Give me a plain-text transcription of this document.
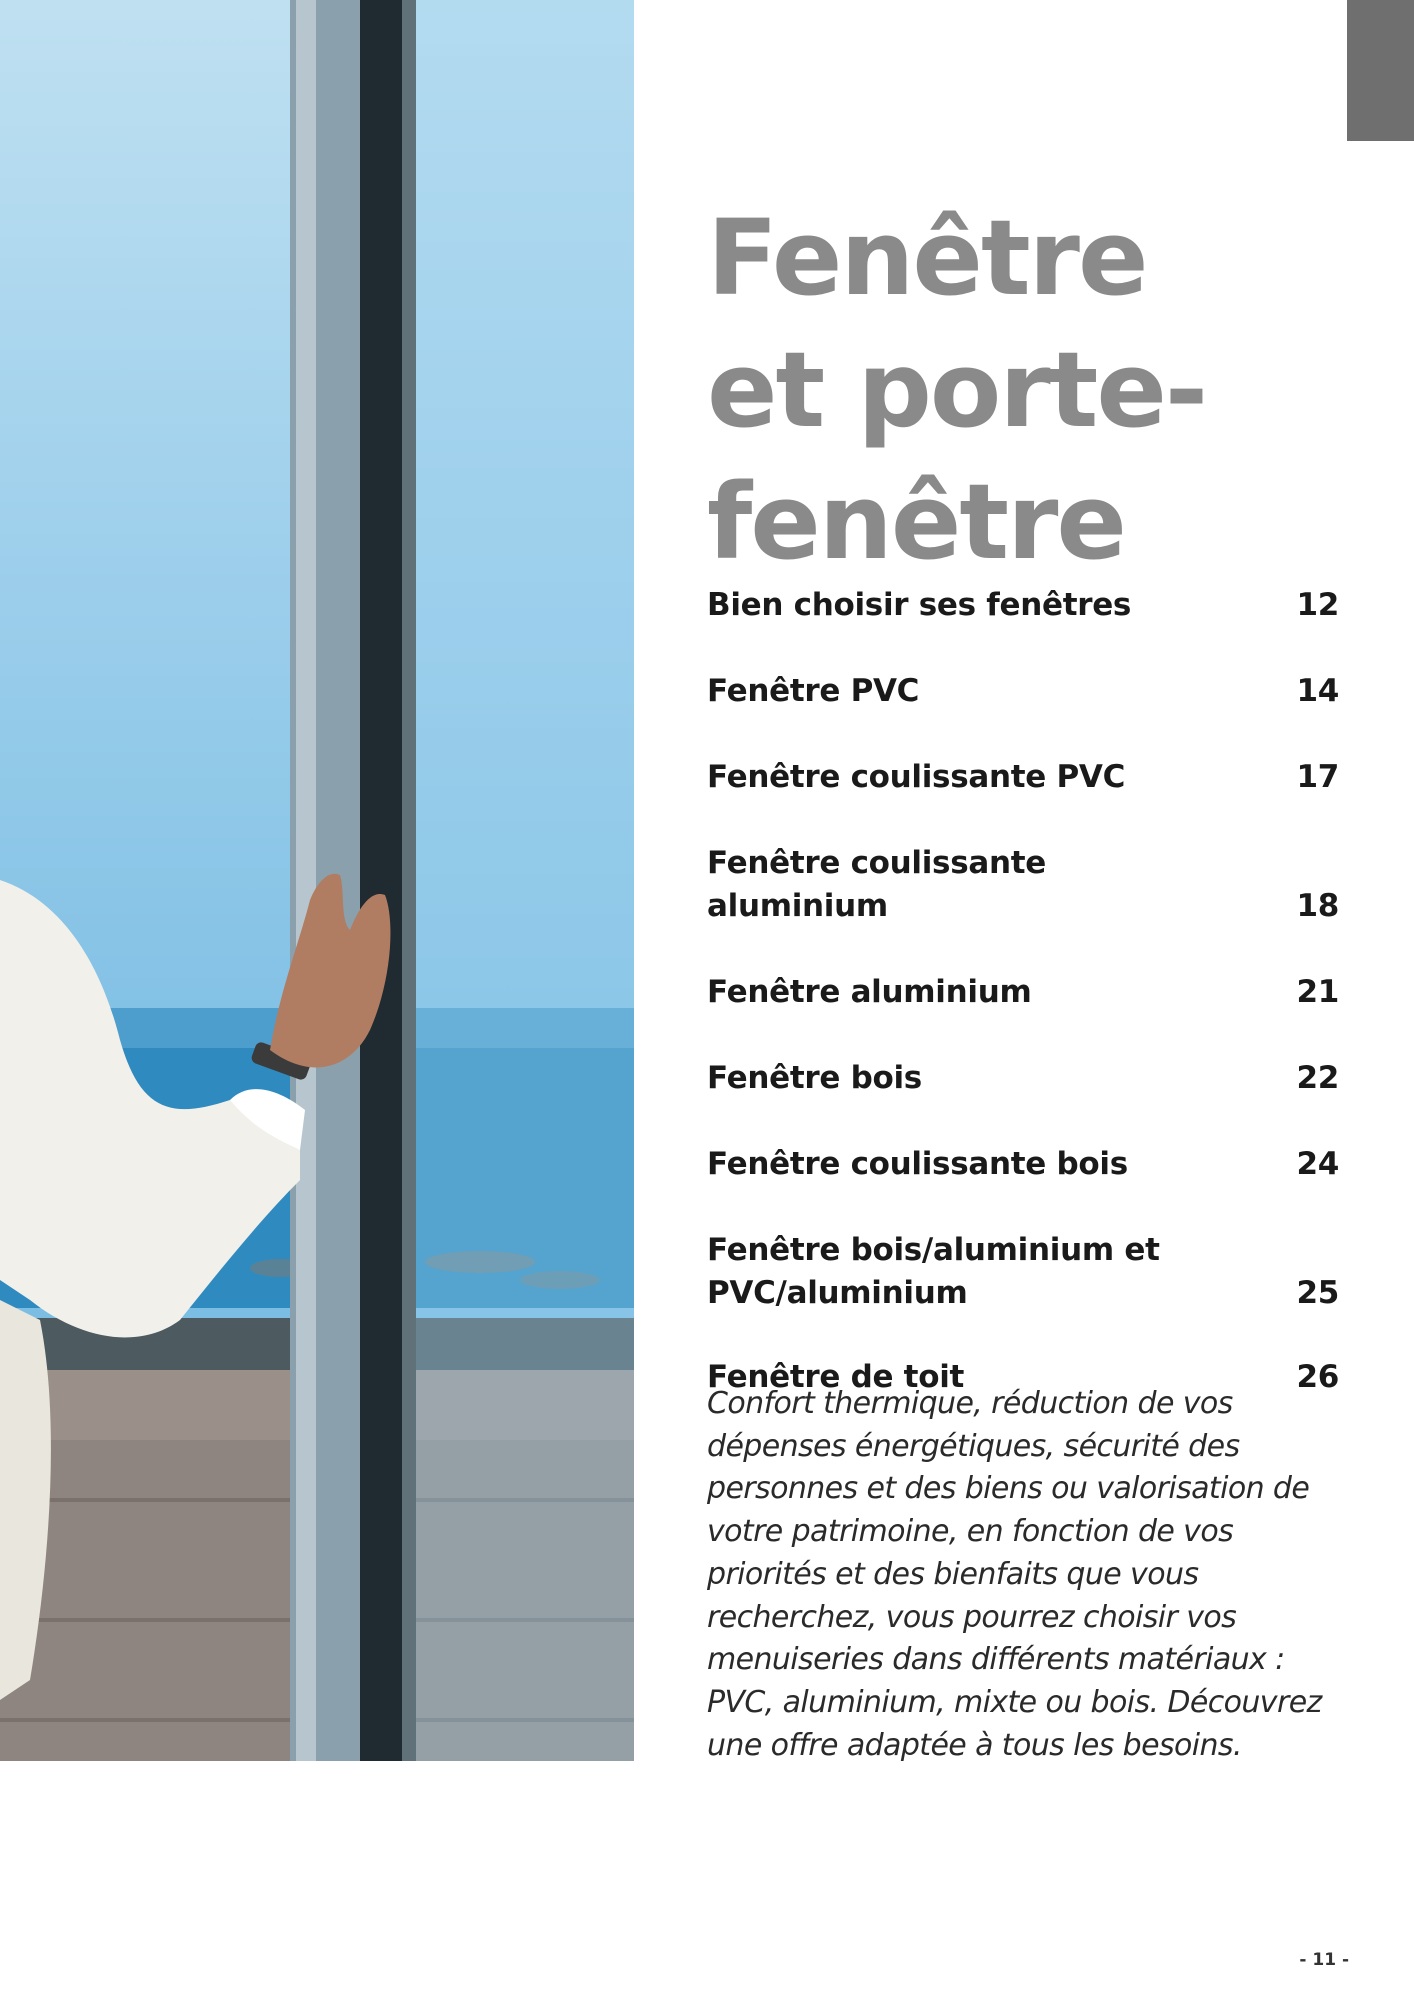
Fenêtre
et porte-
fenêtre
Bien choisir ses fenêtres	12
Fenêtre PVC	14
Fenêtre coulissante PVC	17
Fenêtre coulissante aluminium	18
Fenêtre aluminium	21
Fenêtre bois	22
Fenêtre coulissante bois	24
Fenêtre bois/aluminium et PVC/aluminium	25
Fenêtre de toit	26

Confort thermique, réduction de vos dépenses énergétiques, sécurité des personnes et des biens ou valorisation de votre patrimoine, en fonction de vos priorités et des bienfaits que vous recherchez, vous pourrez choisir vos menuiseries dans différents matériaux : PVC, aluminium, mixte ou bois. Découvrez une offre adaptée à tous les besoins.

- 11 -
